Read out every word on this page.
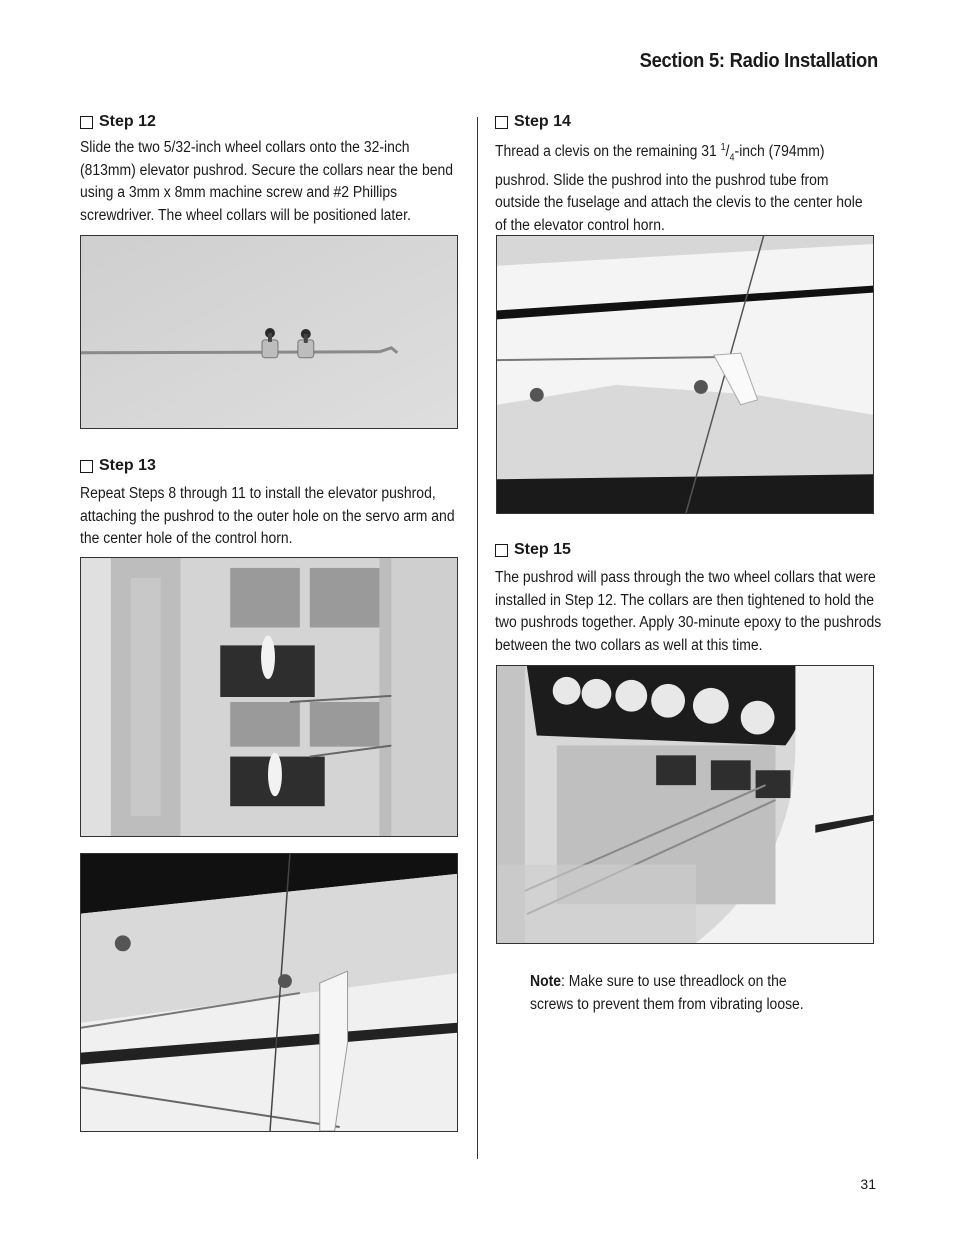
Section 5: Radio Installation
Step 12
Slide the two 5/32-inch wheel collars onto the 32-inch (813mm) elevator pushrod. Secure the collars near the bend using a 3mm x 8mm machine screw and #2 Phillips screwdriver. The wheel collars will be positioned later.
Step 13
Repeat Steps 8 through 11 to install the elevator pushrod, attaching the pushrod to the outer hole on the servo arm and the center hole of the control horn.
Step 14
Thread a clevis on the remaining 31 $^1/_4$-inch (794mm) pushrod. Slide the pushrod into the pushrod tube from outside the fuselage and attach the clevis to the center hole of the elevator control horn.
Step 15
The pushrod will pass through the two wheel collars that were installed in Step 12. The collars are then tightened to hold the two pushrods together. Apply 30-minute epoxy to the pushrods between the two collars as well at this time.
Note: Make sure to use threadlock on the screws to prevent them from vibrating loose.
31
